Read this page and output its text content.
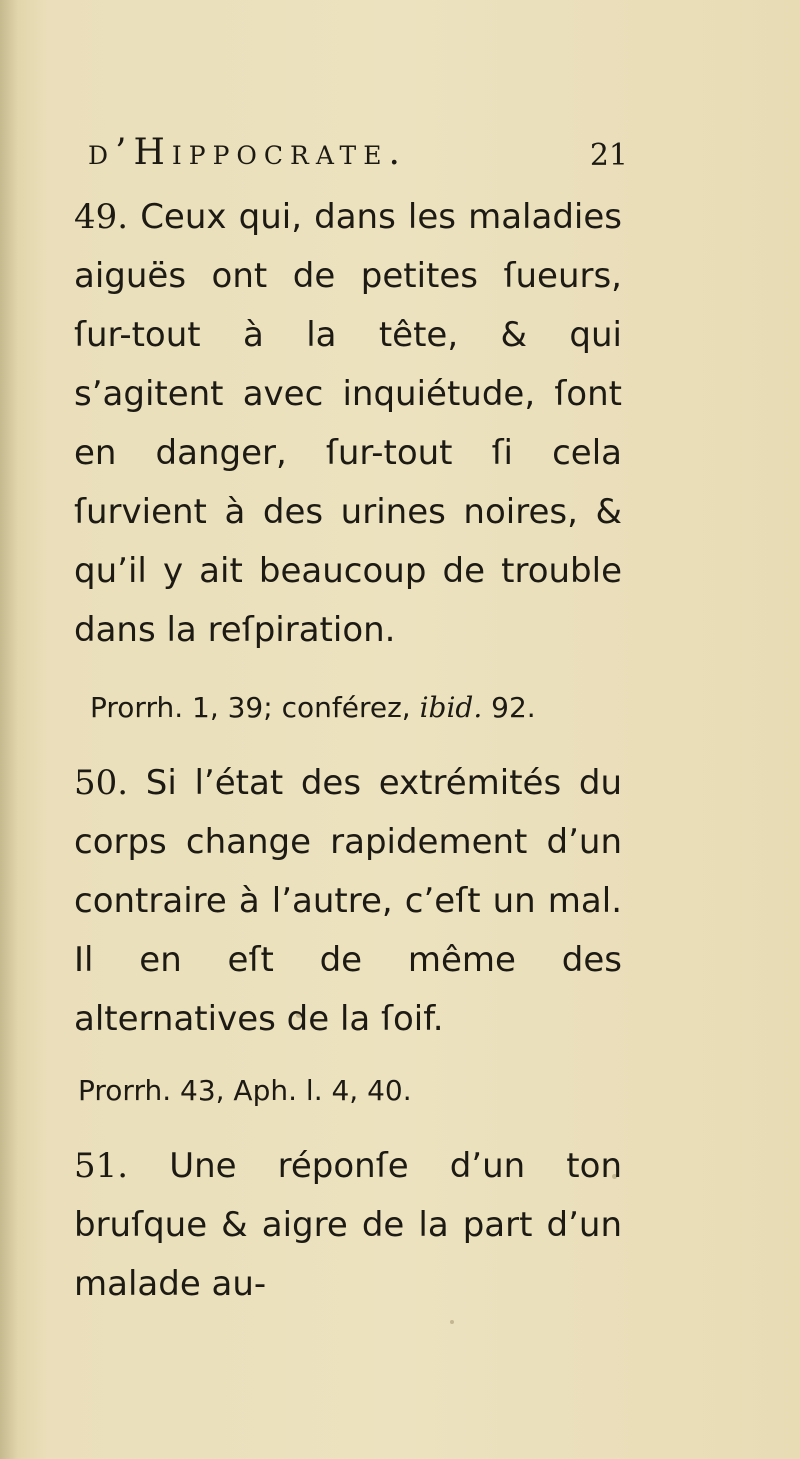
d’Hippocrate.	21

49. Ceux qui, dans les maladies aiguës ont de petites ſueurs, ſur-tout à la tête, & qui s’agitent avec inquiétude, ſont en danger, ſur-tout ſi cela ſurvient à des urines noires, & qu’il y ait beaucoup de trouble dans la reſpiration.

Prorrh. 1, 39; conférez, ibid. 92.

50. Si l’état des extrémités du corps change rapidement d’un contraire à l’autre, c’eſt un mal. Il en eſt de même des alternatives de la ſoif.

Prorrh. 43, Aph. l. 4, 40.

51. Une réponſe d’un ton bruſque & aigre de la part d’un malade au-
